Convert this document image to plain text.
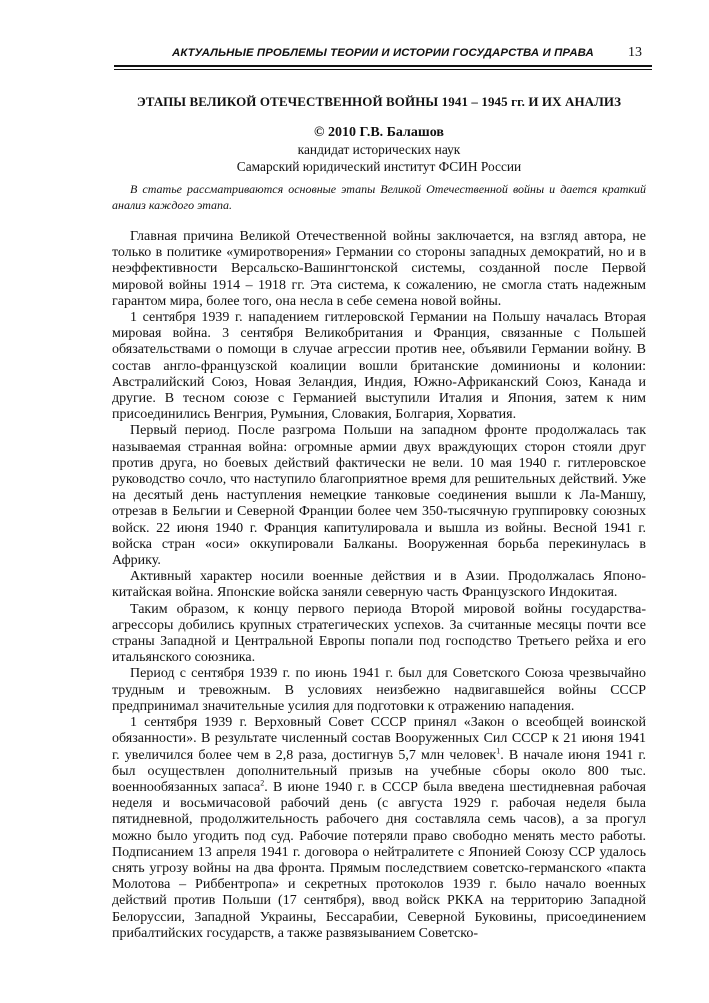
АКТУАЛЬНЫЕ ПРОБЛЕМЫ ТЕОРИИ И ИСТОРИИ ГОСУДАРСТВА И ПРАВА 13
ЭТАПЫ ВЕЛИКОЙ ОТЕЧЕСТВЕННОЙ ВОЙНЫ 1941 – 1945 гг. И ИХ АНАЛИЗ
© 2010 Г.В. Балашов
кандидат исторических наук
Самарский юридический институт ФСИН России

В статье рассматриваются основные этапы Великой Отечественной войны и дается краткий анализ каждого этапа.

Главная причина Великой Отечественной войны заключается, на взгляд автора, не только в политике «умиротворения» Германии со стороны западных демократий, но и в неэффективности Версальско-Вашингтонской системы, созданной после Первой мировой войны 1914 – 1918 гг. Эта система, к сожалению, не смогла стать надежным гарантом мира, более того, она несла в себе семена новой войны.

1 сентября 1939 г. нападением гитлеровской Германии на Польшу началась Вторая мировая война. 3 сентября Великобритания и Франция, связанные с Польшей обязательствами о помощи в случае агрессии против нее, объявили Германии войну. В состав англо-французской коалиции вошли британские доминионы и колонии: Австралийский Союз, Новая Зеландия, Индия, Южно-Африканский Союз, Канада и другие. В тесном союзе с Германией выступили Италия и Япония, затем к ним присоединились Венгрия, Румыния, Словакия, Болгария, Хорватия.

Первый период. После разгрома Польши на западном фронте продолжалась так называемая странная война: огромные армии двух враждующих сторон стояли друг против друга, но боевых действий фактически не вели. 10 мая 1940 г. гитлеровское руководство сочло, что наступило благоприятное время для решительных действий. Уже на десятый день наступления немецкие танковые соединения вышли к Ла-Маншу, отрезав в Бельгии и Северной Франции более чем 350-тысячную группировку союзных войск. 22 июня 1940 г. Франция капитулировала и вышла из войны. Весной 1941 г. войска стран «оси» оккупировали Балканы. Вооруженная борьба перекинулась в Африку.

Активный характер носили военные действия и в Азии. Продолжалась Японо-китайская война. Японские войска заняли северную часть Французского Индокитая.

Таким образом, к концу первого периода Второй мировой войны государства-агрессоры добились крупных стратегических успехов. За считанные месяцы почти все страны Западной и Центральной Европы попали под господство Третьего рейха и его итальянского союзника.

Период с сентября 1939 г. по июнь 1941 г. был для Советского Союза чрезвычайно трудным и тревожным. В условиях неизбежно надвигавшейся войны СССР предпринимал значительные усилия для подготовки к отражению нападения.

1 сентября 1939 г. Верховный Совет СССР принял «Закон о всеобщей воинской обязанности». В результате численный состав Вооруженных Сил СССР к 21 июня 1941 г. увеличился более чем в 2,8 раза, достигнув 5,7 млн человек$^1$. В начале июня 1941 г. был осуществлен дополнительный призыв на учебные сборы около 800 тыс. военнообязанных запаса$^2$. В июне 1940 г. в СССР была введена шестидневная рабочая неделя и восьмичасовой рабочий день (с августа 1929 г. рабочая неделя была пятидневной, продолжительность рабочего дня составляла семь часов), а за прогул можно было угодить под суд. Рабочие потеряли право свободно менять место работы. Подписанием 13 апреля 1941 г. договора о нейтралитете с Японией Союзу ССР удалось снять угрозу войны на два фронта. Прямым последствием советско-германского «пакта Молотова – Риббентропа» и секретных протоколов 1939 г. было начало военных действий против Польши (17 сентября), ввод войск РККА на территорию Западной Белоруссии, Западной Украины, Бессарабии, Северной Буковины, присоединением прибалтийских государств, а также развязыванием Советско-
